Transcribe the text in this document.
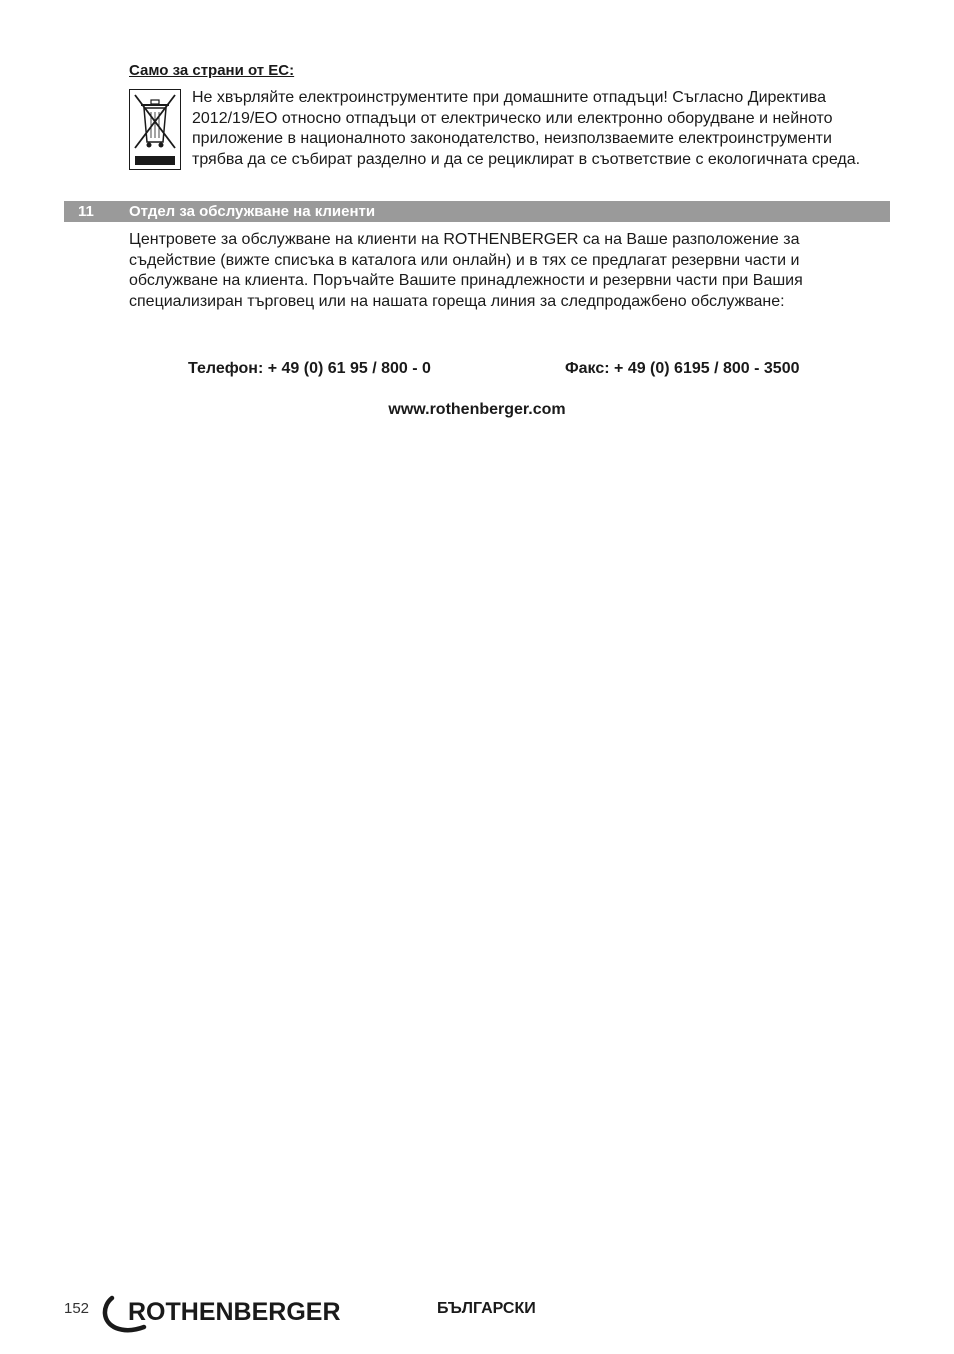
Само за страни от ЕС:
Не хвърляйте електроинструментите при домашните отпадъци! Съгласно Директива 2012/19/ЕО относно отпадъци от електрическо или електронно оборудване и нейното приложение в националното законодателство, неизползваемите електроинструменти трябва да се събират разделно и да се рециклират в съответствие с екологичната среда.
11 Отдел за обслужване на клиенти
Центровете за обслужване на клиенти на ROTHENBERGER са на Ваше разположение за съдействие (вижте списъка в каталога или онлайн) и в тях се предлагат резервни части и обслужване на клиента. Поръчайте Вашите принадлежности и резервни части при Вашия специализиран търговец или на нашата гореща линия за следпродажбено обслужване:
Телефон: + 49 (0) 61 95 / 800 - 0	Факс: + 49 (0) 6195 / 800 - 3500
www.rothenberger.com
152 ROTHENBERGER	БЪЛГАРСКИ
